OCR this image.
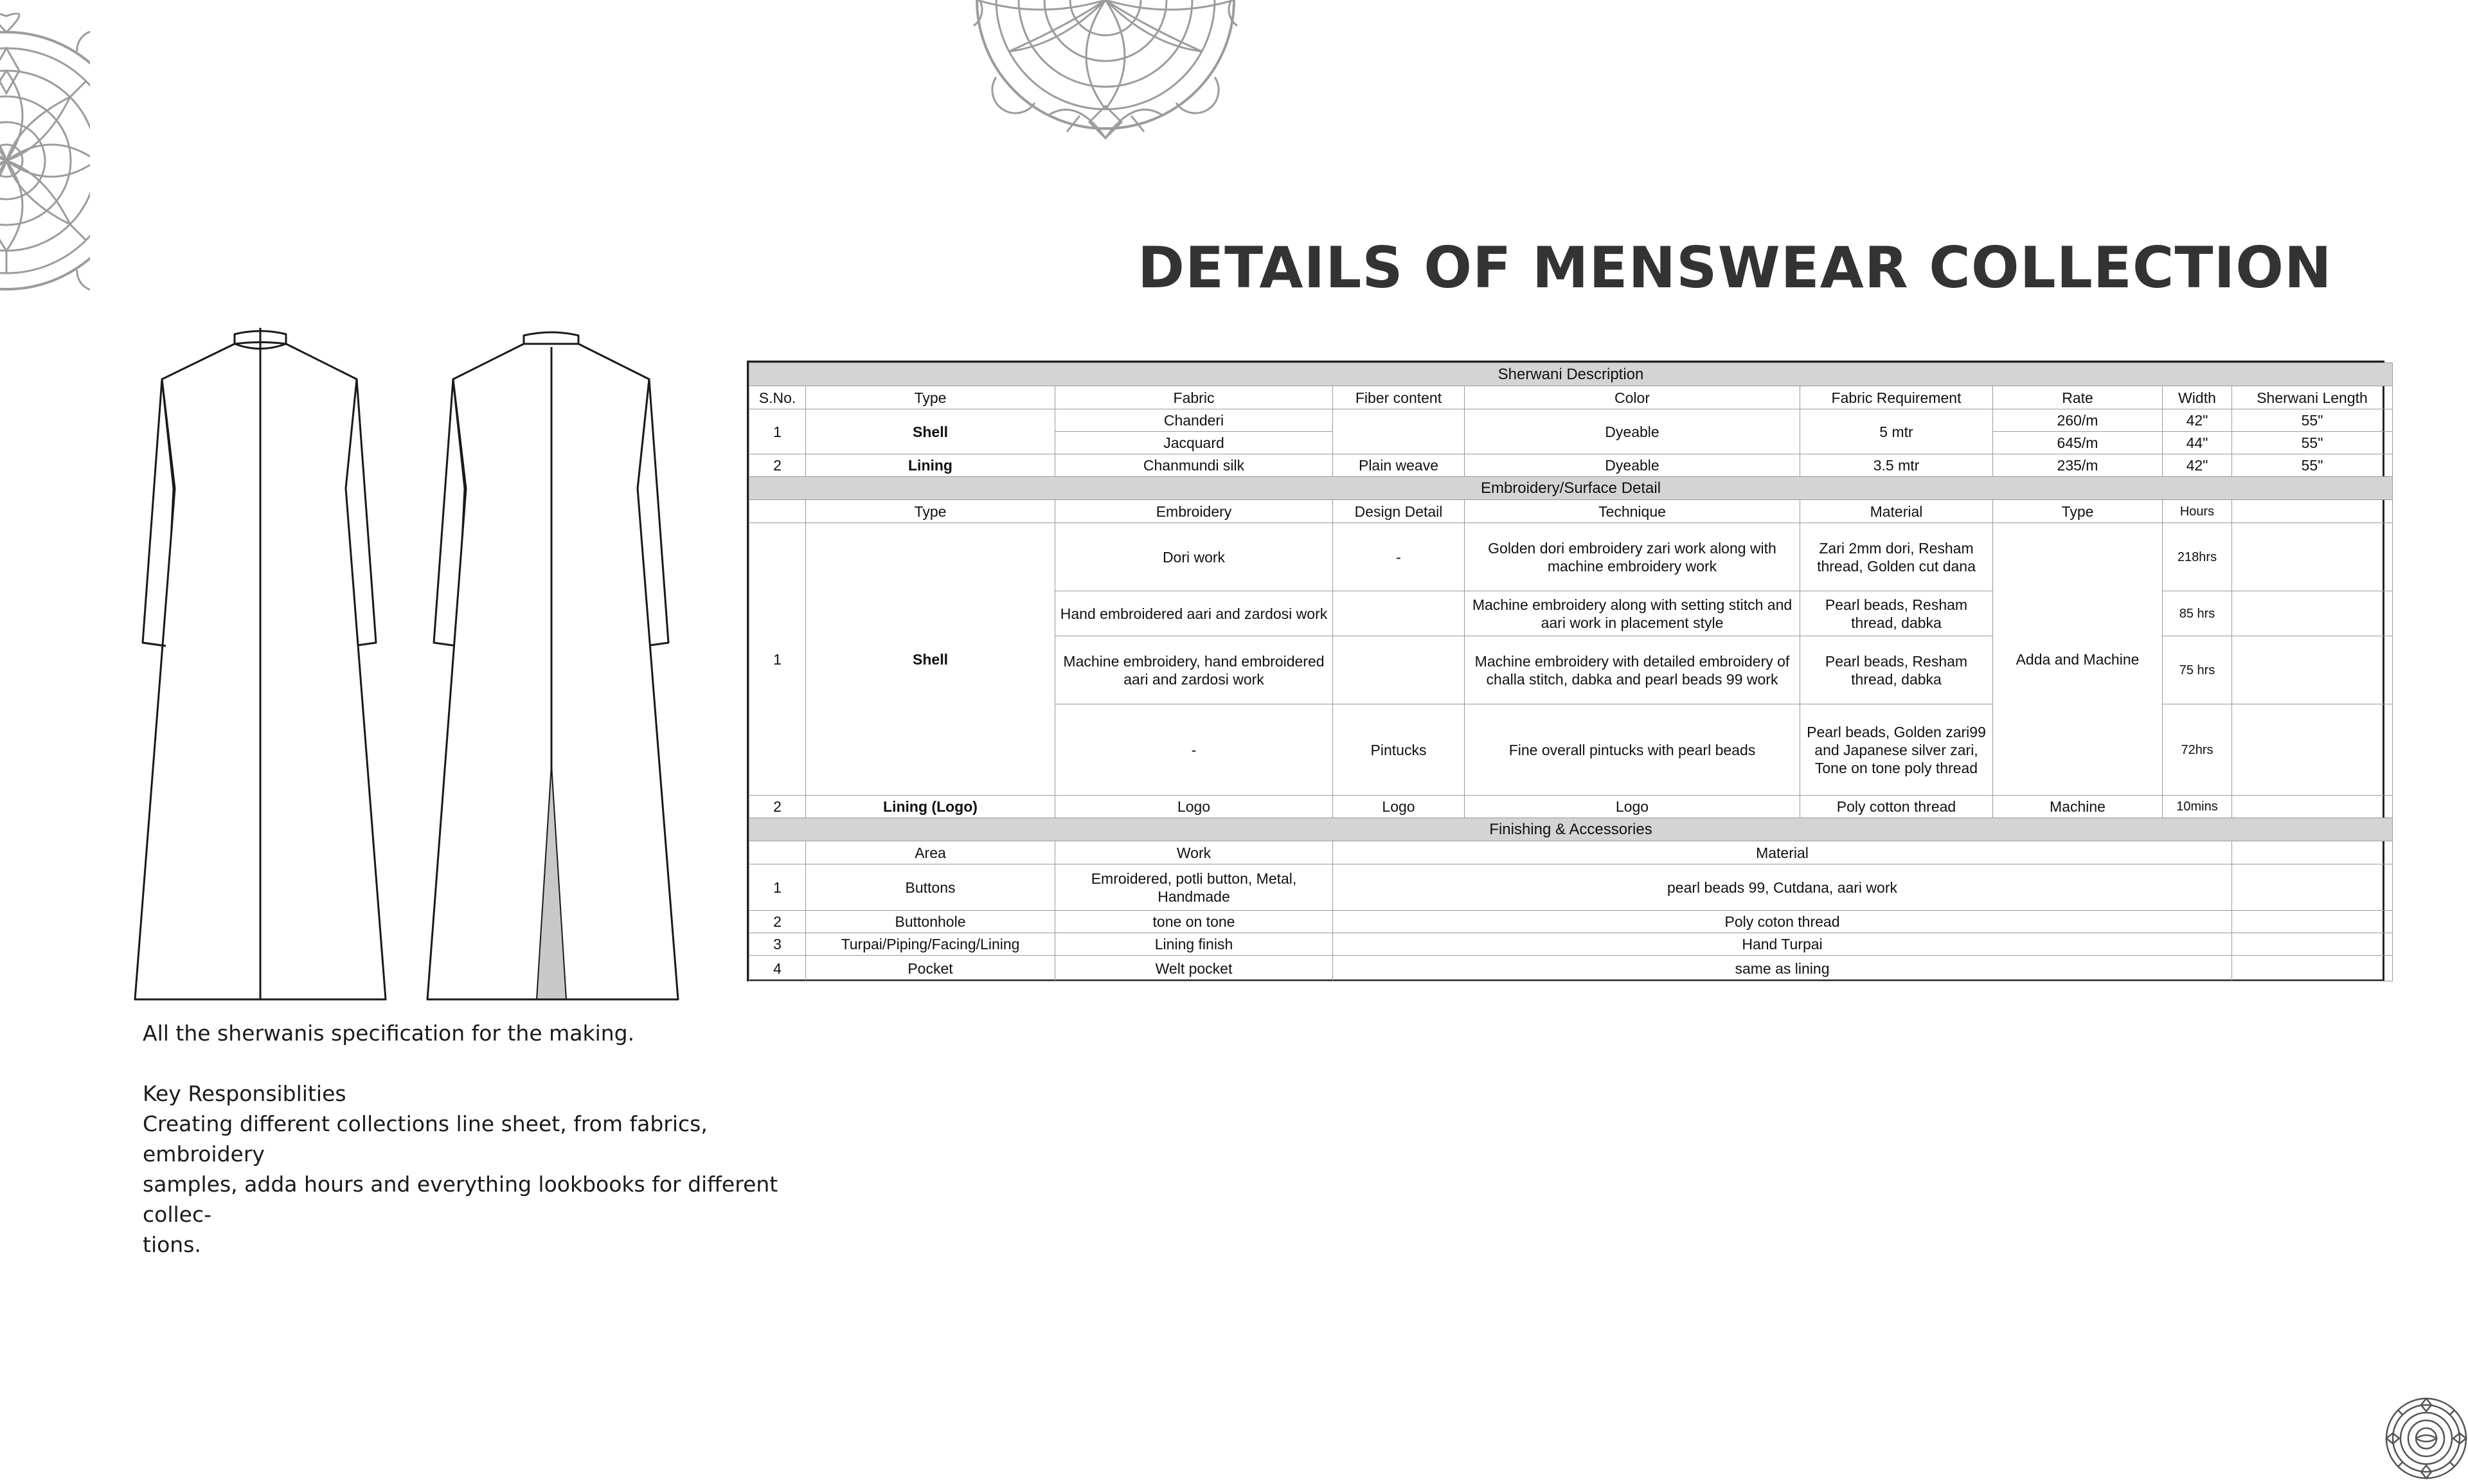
DETAILS OF MENSWEAR COLLECTION

All the sherwanis specification for the making.

Key Responsiblities

Creating different collections line sheet, from fabrics, embroidery

samples, adda hours and everything lookbooks for different collec-

tions.

Sherwani Description								
S.No.	Type	Fabric	Fiber content	Color	Fabric Requirement	Rate	Width	Sherwani Length
1	Shell	Chanderi		Dyeable	5 mtr	260/m	42"	55"
		Jacquard				645/m	44"	55"
2	Lining	Chanmundi silk	Plain weave	Dyeable	3.5 mtr	235/m	42"	55"
Embroidery/Surface Detail								
	Type	Embroidery	Design Detail	Technique	Material	Type	Hours	
1	Shell	Dori work	-	Golden dori embroidery zari work along with machine embroidery work	Zari 2mm dori, Resham thread, Golden cut dana	Adda and Machine	218hrs	
		Hand embroidered aari and zardosi work		Machine embroidery along with setting stitch and aari work in placement style	Pearl beads, Resham thread, dabka		85 hrs	
		Machine embroidery, hand embroidered aari and zardosi work		Machine embroidery with detailed embroidery of challa stitch, dabka and pearl beads 99 work	Pearl beads, Resham thread, dabka		75 hrs	
		-	Pintucks	Fine overall pintucks with pearl beads	Pearl beads, Golden zari99 and Japanese silver zari, Tone on tone poly thread		72hrs	
2	Lining (Logo)	Logo	Logo	Logo	Poly cotton thread	Machine	10mins	
Finishing & Accessories								
	Area	Work	Material					
1	Buttons	Emroidered, potli button, Metal, Handmade	pearl beads 99, Cutdana, aari work					
2	Buttonhole	tone on tone	Poly coton thread					
3	Turpai/Piping/Facing/Lining	Lining finish	Hand Turpai					
4	Pocket	Welt pocket	same as lining					
